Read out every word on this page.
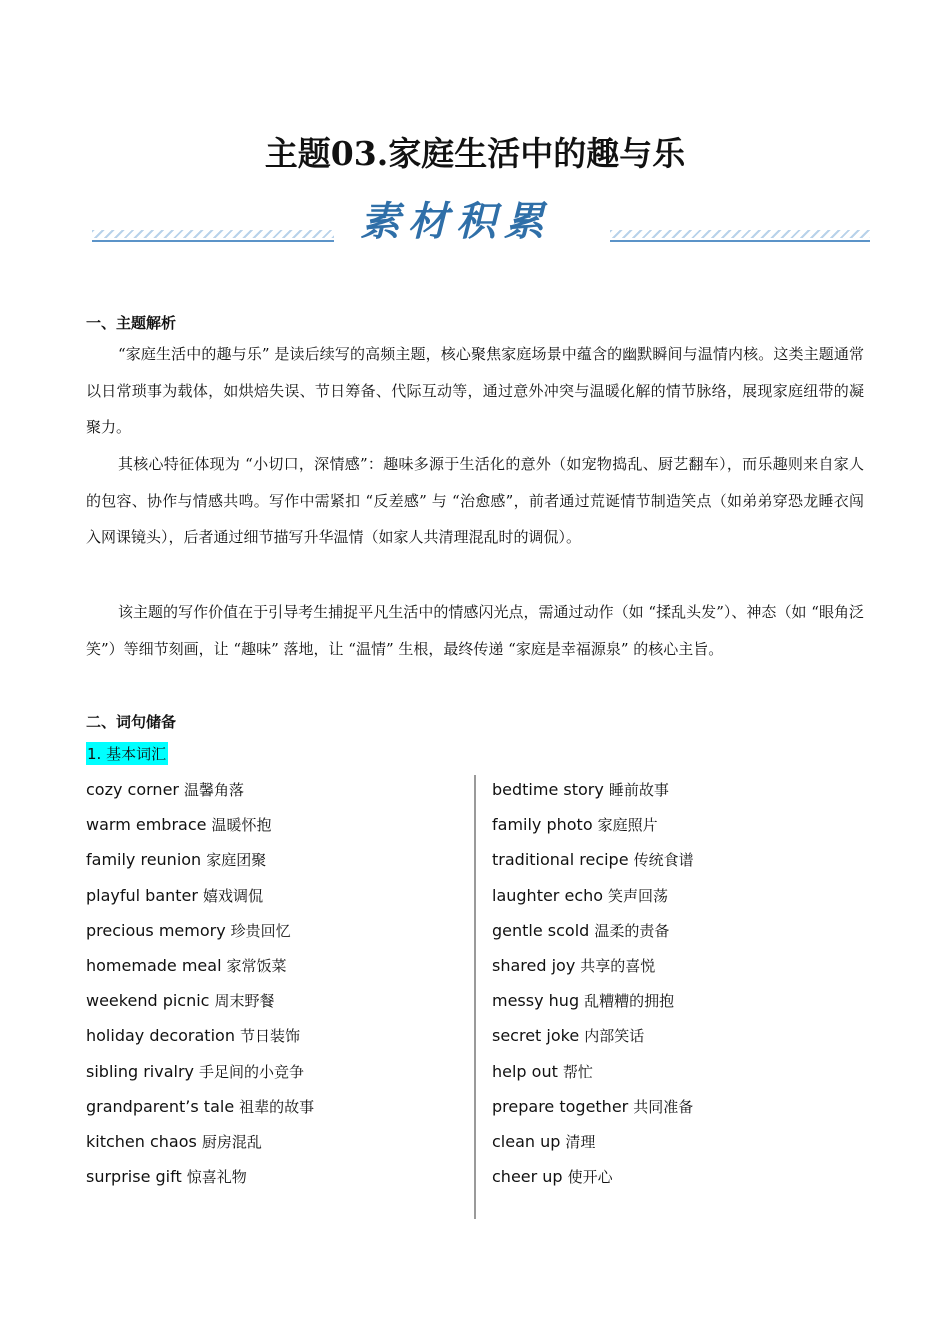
主题03.家庭生活中的趣与乐
素材积累
一、主题解析

“家庭生活中的趣与乐” 是读后续写的高频主题，核心聚焦家庭场景中蕴含的幽默瞬间与温情内核。这类主题通常以日常琐事为载体，如烘焙失误、节日筹备、代际互动等，通过意外冲突与温暖化解的情节脉络，展现家庭纽带的凝聚力。

其核心特征体现为 “小切口，深情感”：趣味多源于生活化的意外（如宠物捣乱、厨艺翻车），而乐趣则来自家人的包容、协作与情感共鸣。写作中需紧扣 “反差感” 与 “治愈感”，前者通过荒诞情节制造笑点（如弟弟穿恐龙睡衣闯入网课镜头），后者通过细节描写升华温情（如家人共清理混乱时的调侃）。

该主题的写作价值在于引导考生捕捉平凡生活中的情感闪光点，需通过动作（如 “揉乱头发”）、神态（如 “眼角泛笑”）等细节刻画，让 “趣味” 落地，让 “温情” 生根，最终传递 “家庭是幸福源泉” 的核心主旨。

二、词句储备
1. 基本词汇
cozy corner 温馨角落
warm embrace 温暖怀抱
family reunion 家庭团聚
playful banter 嬉戏调侃
precious memory 珍贵回忆
homemade meal 家常饭菜
weekend picnic 周末野餐
holiday decoration 节日装饰
sibling rivalry 手足间的小竞争
grandparent’s tale 祖辈的故事
kitchen chaos 厨房混乱
surprise gift 惊喜礼物
bedtime story 睡前故事
family photo 家庭照片
traditional recipe 传统食谱
laughter echo 笑声回荡
gentle scold 温柔的责备
shared joy 共享的喜悦
messy hug 乱糟糟的拥抱
secret joke 内部笑话
help out 帮忙
prepare together 共同准备
clean up 清理
cheer up 使开心
